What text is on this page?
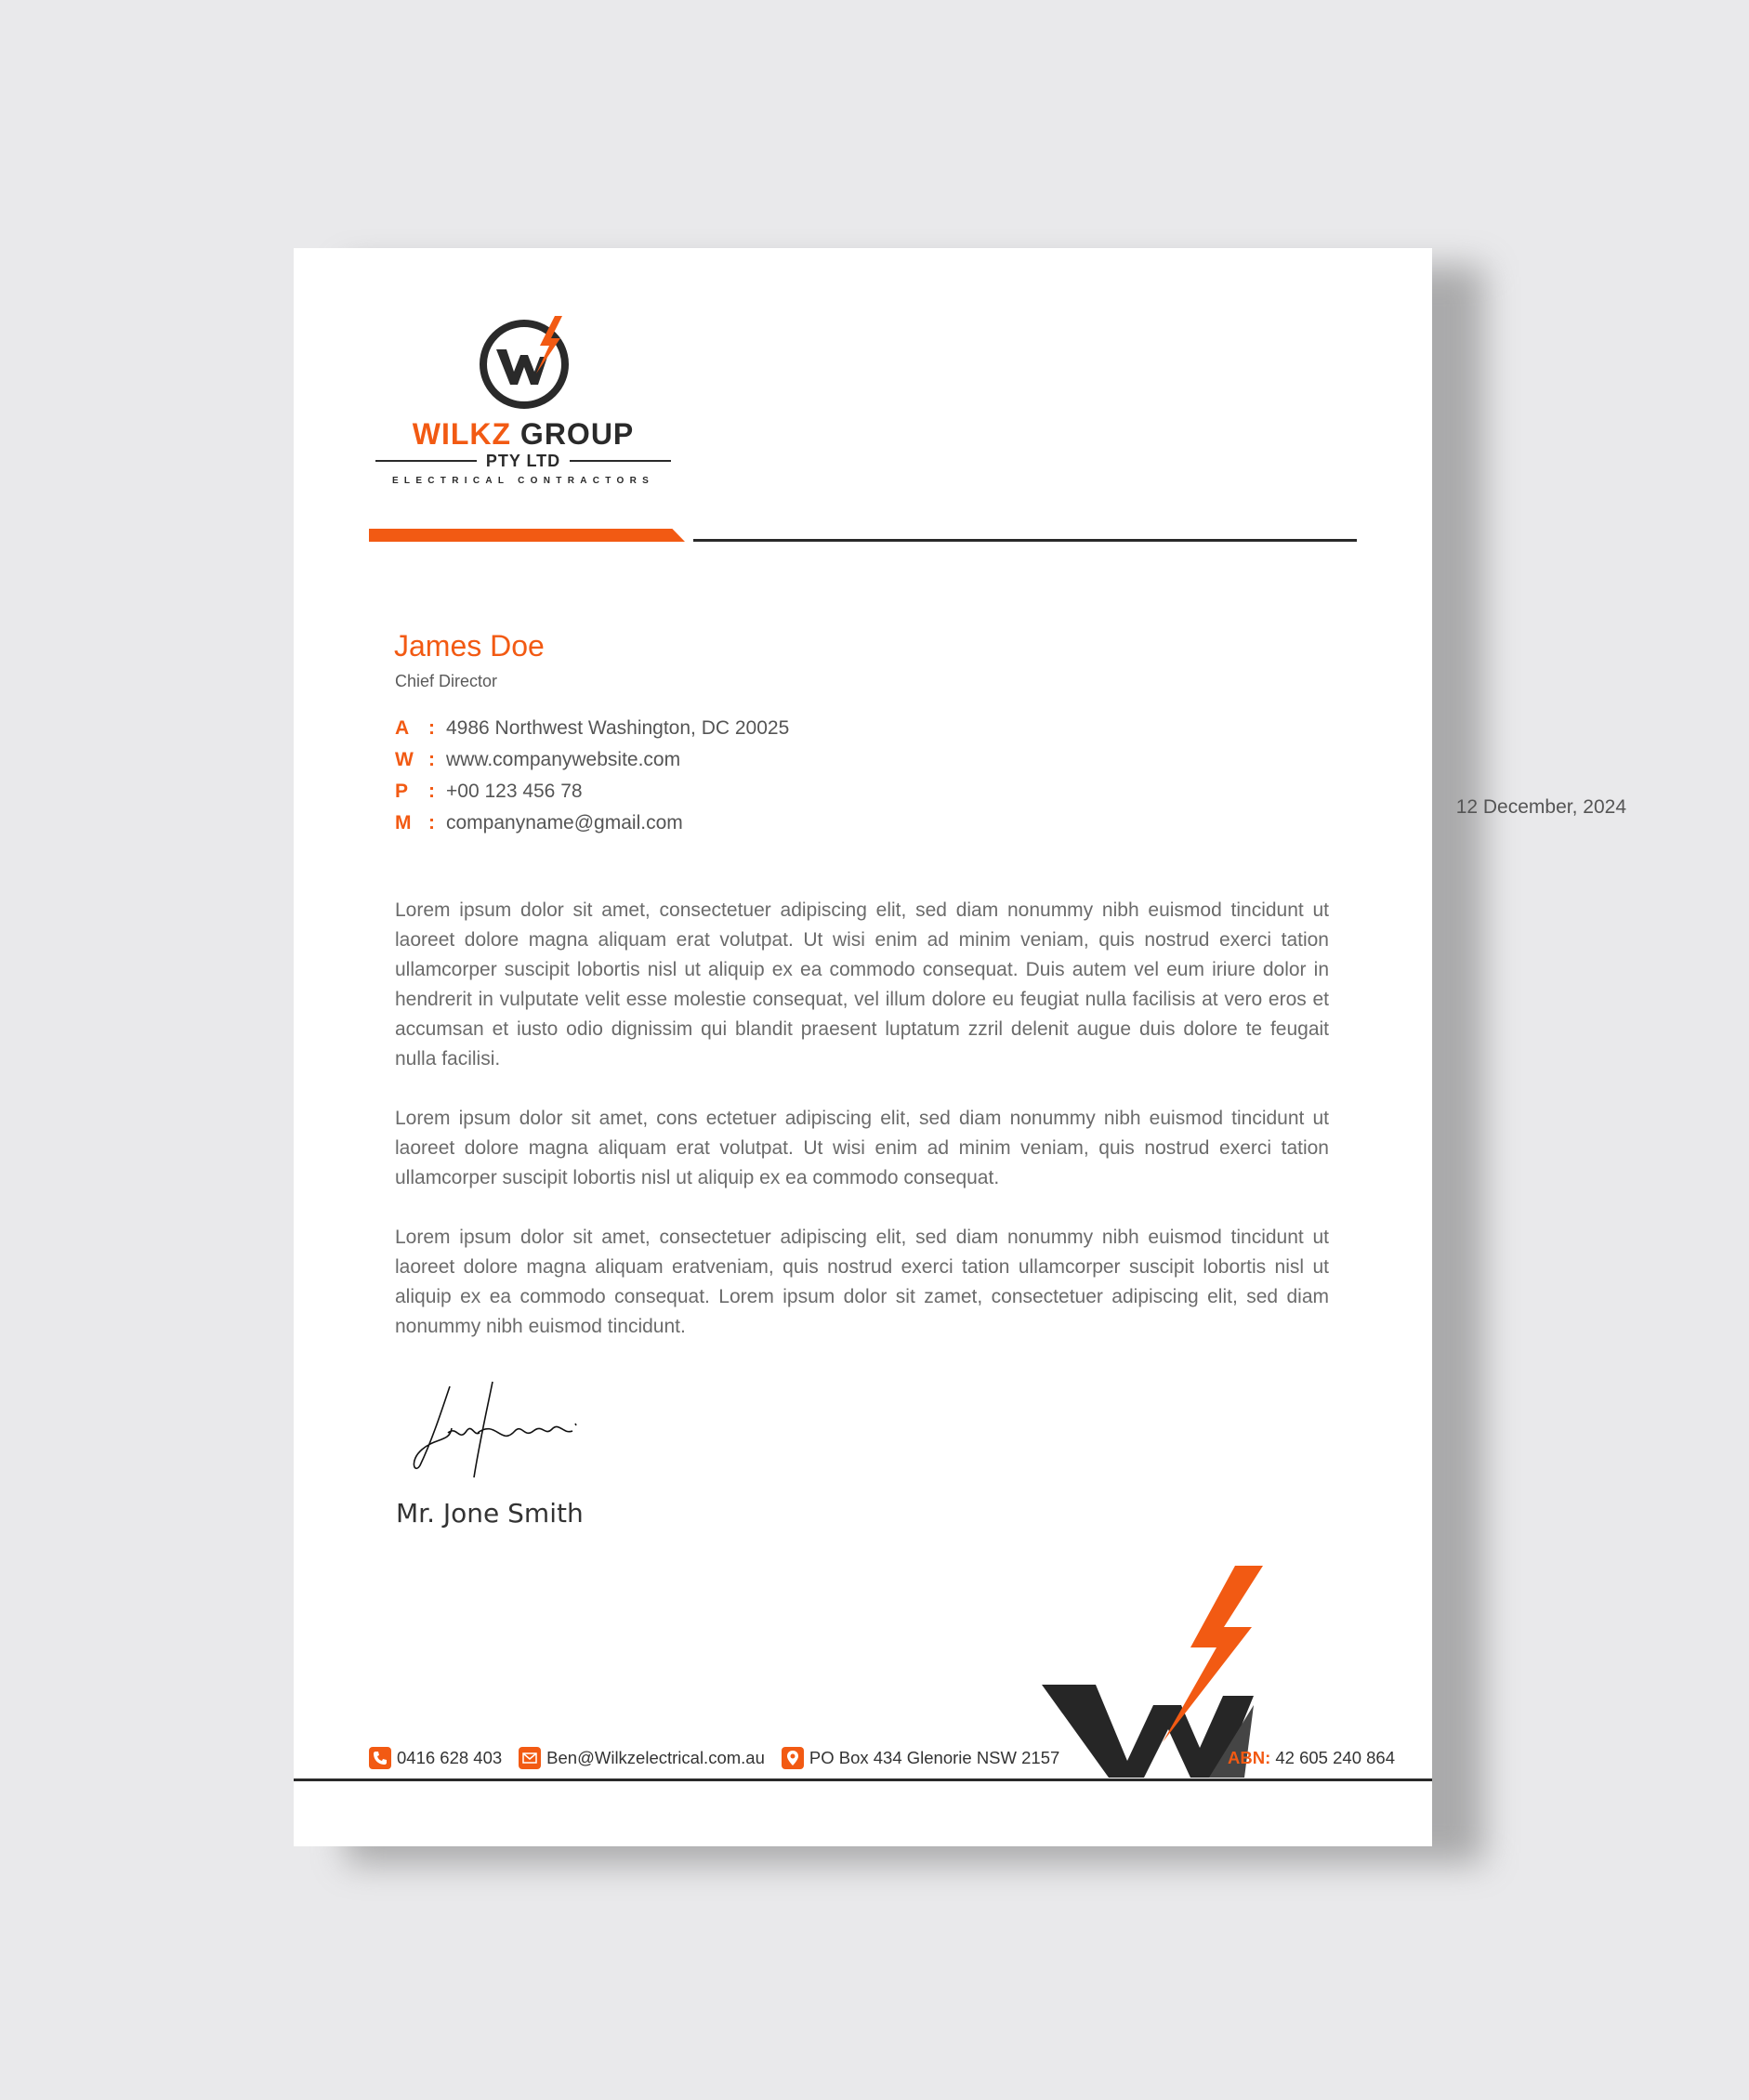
WILKZ GROUP
PTY LTD
ELECTRICAL CONTRACTORS
James Doe
Chief Director
A : 4986 Northwest Washington, DC 20025
W : www.companywebsite.com
P : +00 123 456 78
M : companyname@gmail.com
12 December, 2024

Lorem ipsum dolor sit amet, consectetuer adipiscing elit, sed diam nonummy nibh euismod tincidunt ut laoreet dolore magna aliquam erat volutpat. Ut wisi enim ad minim veniam, quis nostrud exerci tation ullamcorper suscipit lobortis nisl ut aliquip ex ea commodo consequat. Duis autem vel eum iriure dolor in hendrerit in vulputate velit esse molestie consequat, vel illum dolore eu feugiat nulla facilisis at vero eros et accumsan et iusto odio dignissim qui blandit praesent luptatum zzril delenit augue duis dolore te feugait nulla facilisi.

Lorem ipsum dolor sit amet, cons ectetuer adipiscing elit, sed diam nonummy nibh euismod tincidunt ut laoreet dolore magna aliquam erat volutpat. Ut wisi enim ad minim veniam, quis nostrud exerci tation ullamcorper suscipit lobortis nisl ut aliquip ex ea commodo consequat.

Lorem ipsum dolor sit amet, consectetuer adipiscing elit, sed diam nonummy nibh euismod tincidunt ut laoreet dolore magna aliquam eratveniam, quis nostrud exerci tation ullamcorper suscipit lobortis nisl ut aliquip ex ea commodo consequat. Lorem ipsum dolor sit zamet, consectetuer adipiscing elit, sed diam nonummy nibh euismod tincidunt.

Mr. Jone Smith
0416 628 403	Ben@Wilkzelectrical.com.au	PO Box 434 Glenorie NSW 2157	ABN: 42 605 240 864
